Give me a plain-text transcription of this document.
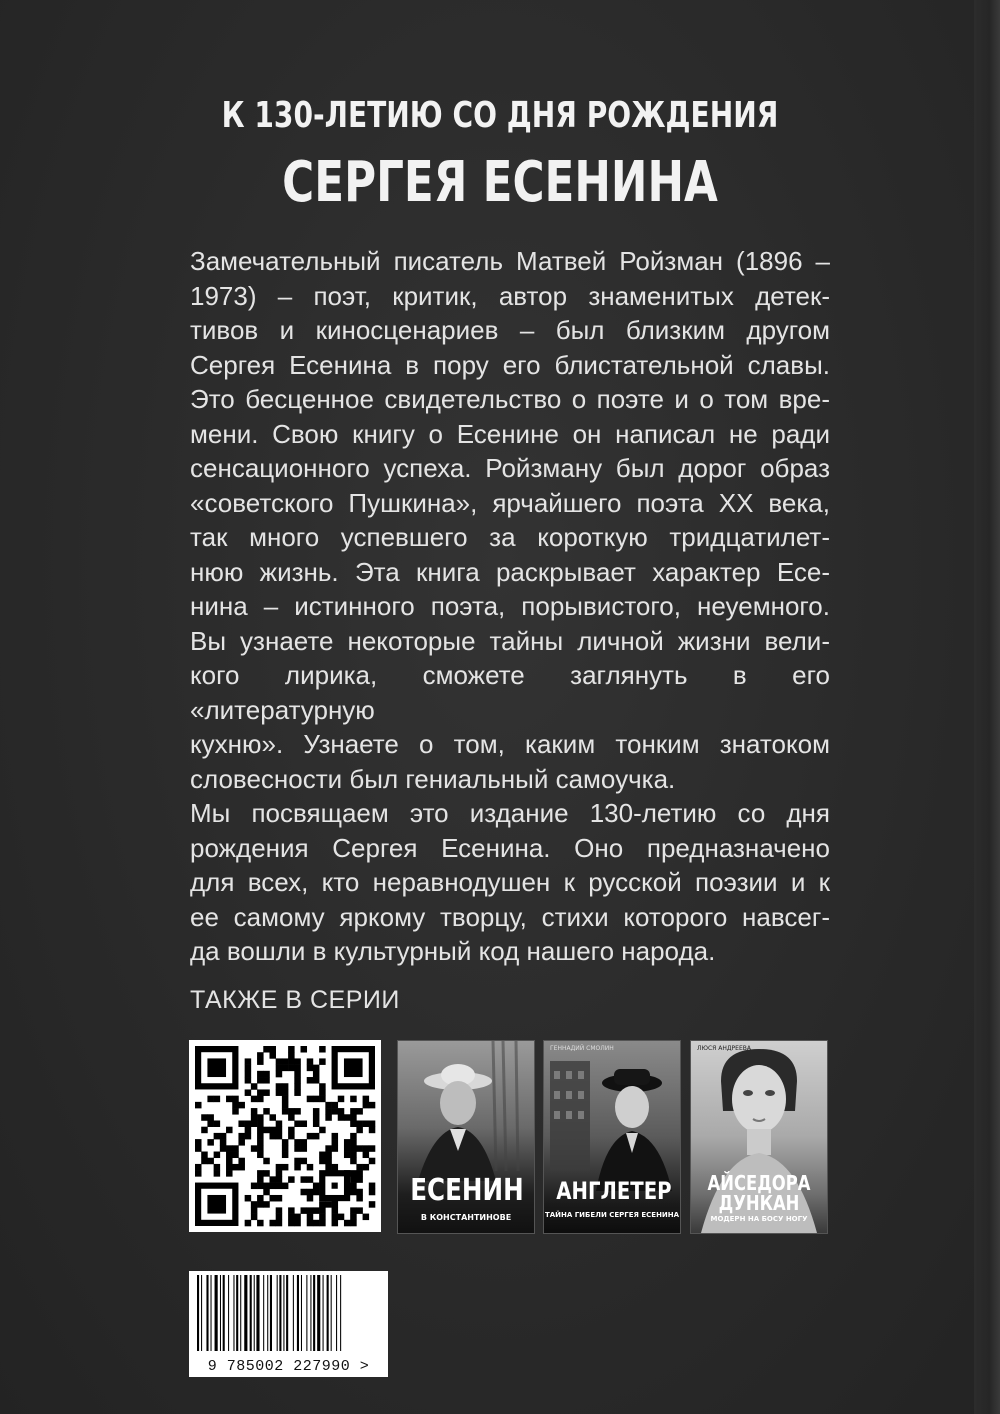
К 130-ЛЕТИЮ СО ДНЯ РОЖДЕНИЯ
СЕРГЕЯ ЕСЕНИНА
Замечательный писатель Матвей Ройзман (1896 –
1973) – поэт, критик, автор знаменитых детек-
тивов и киносценариев – был близким другом
Сергея Есенина в пору его блистательной славы.
Это бесценное свидетельство о поэте и о том вре-
мени. Свою книгу о Есенине он написал не ради
сенсационного успеха. Ройзману был дорог образ
«советского Пушкина», ярчайшего поэта XX века,
так много успевшего за короткую тридцатилет-
нюю жизнь. Эта книга раскрывает характер Есе-
нина – истинного поэта, порывистого, неуемного.
Вы узнаете некоторые тайны личной жизни вели-
кого лирика, сможете заглянуть в его «литературную
кухню». Узнаете о том, каким тонким знатоком
словесности был гениальный самоучка.
Мы посвящаем это издание 130-летию со дня
рождения Сергея Есенина. Оно предназначено
для всех, кто неравнодушен к русской поэзии и к
ее самому яркому творцу, стихи которого навсег-
да вошли в культурный код нашего народа.
ТАКЖЕ В СЕРИИ
ЕСЕНИН
В КОНСТАНТИНОВЕ
ГЕННАДИЙ СМОЛИН
АНГЛЕТЕР
ТАЙНА ГИБЕЛИ СЕРГЕЯ ЕСЕНИНА
ЛЮСЯ АНДРЕЕВА
АЙСЕДОРА
ДУНКАН
МОДЕРН НА БОСУ НОГУ
9 785002 227990 >
